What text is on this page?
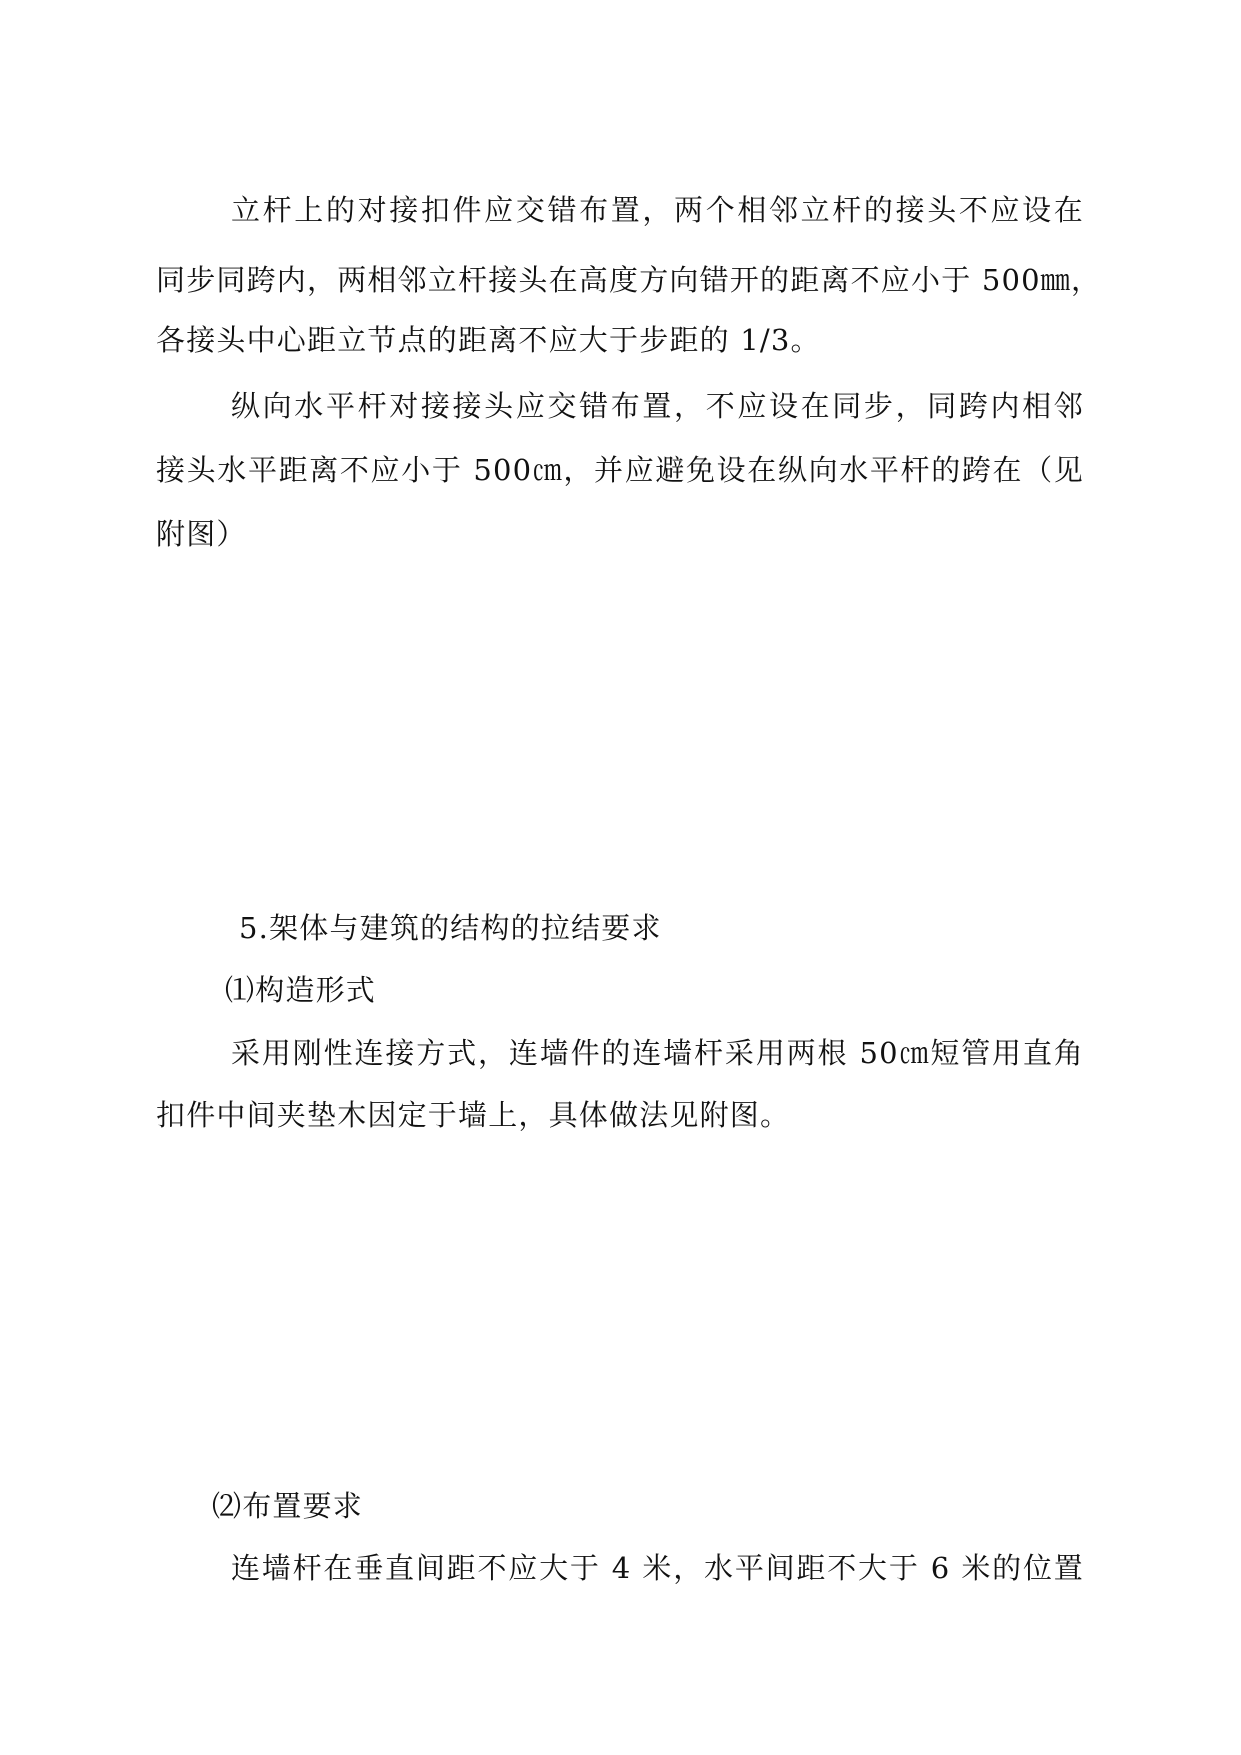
立杆上的对接扣件应交错布置，两个相邻立杆的接头不应设在
同步同跨内，两相邻立杆接头在高度方向错开的距离不应小于 500㎜，
各接头中心距立节点的距离不应大于步距的 1/3。
纵向水平杆对接接头应交错布置，不应设在同步，同跨内相邻
接头水平距离不应小于 500㎝，并应避免设在纵向水平杆的跨在（见
附图）
5.架体与建筑的结构的拉结要求
⑴构造形式
采用刚性连接方式，连墙件的连墙杆采用两根 50㎝短管用直角
扣件中间夹垫木因定于墙上，具体做法见附图。
⑵布置要求
连墙杆在垂直间距不应大于 4 米，水平间距不大于 6 米的位置
